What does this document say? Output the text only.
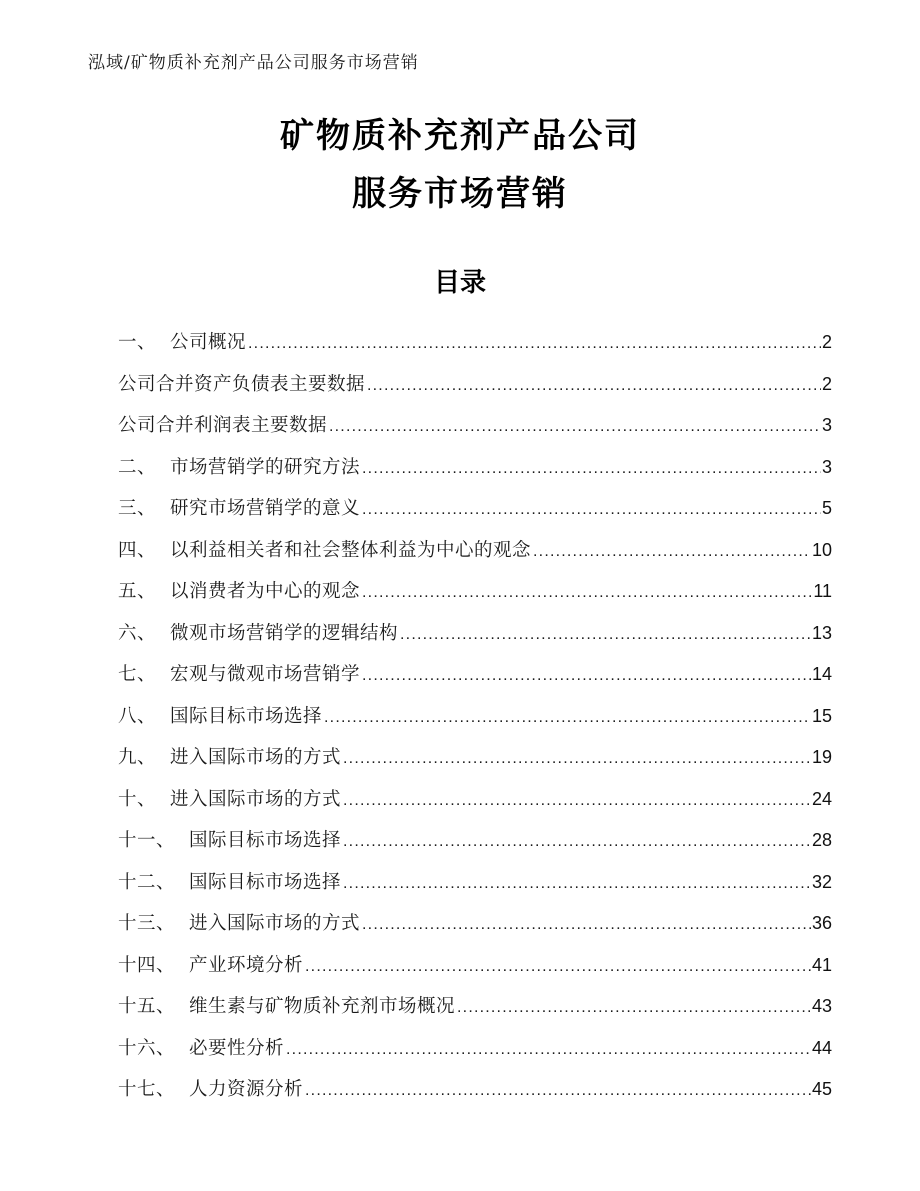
泓域/矿物质补充剂产品公司服务市场营销
矿物质补充剂产品公司
服务市场营销
目录
一、 公司概况 .....	2
公司合并资产负债表主要数据 .....	2
公司合并利润表主要数据 .....	3
二、 市场营销学的研究方法 .....	3
三、 研究市场营销学的意义 .....	5
四、 以利益相关者和社会整体利益为中心的观念 .....	10
五、 以消费者为中心的观念 .....	11
六、 微观市场营销学的逻辑结构 .....	13
七、 宏观与微观市场营销学 .....	14
八、 国际目标市场选择 .....	15
九、 进入国际市场的方式 .....	19
十、 进入国际市场的方式 .....	24
十一、 国际目标市场选择 .....	28
十二、 国际目标市场选择 .....	32
十三、 进入国际市场的方式 .....	36
十四、 产业环境分析 .....	41
十五、 维生素与矿物质补充剂市场概况 .....	43
十六、 必要性分析 .....	44
十七、 人力资源分析 .....	45
